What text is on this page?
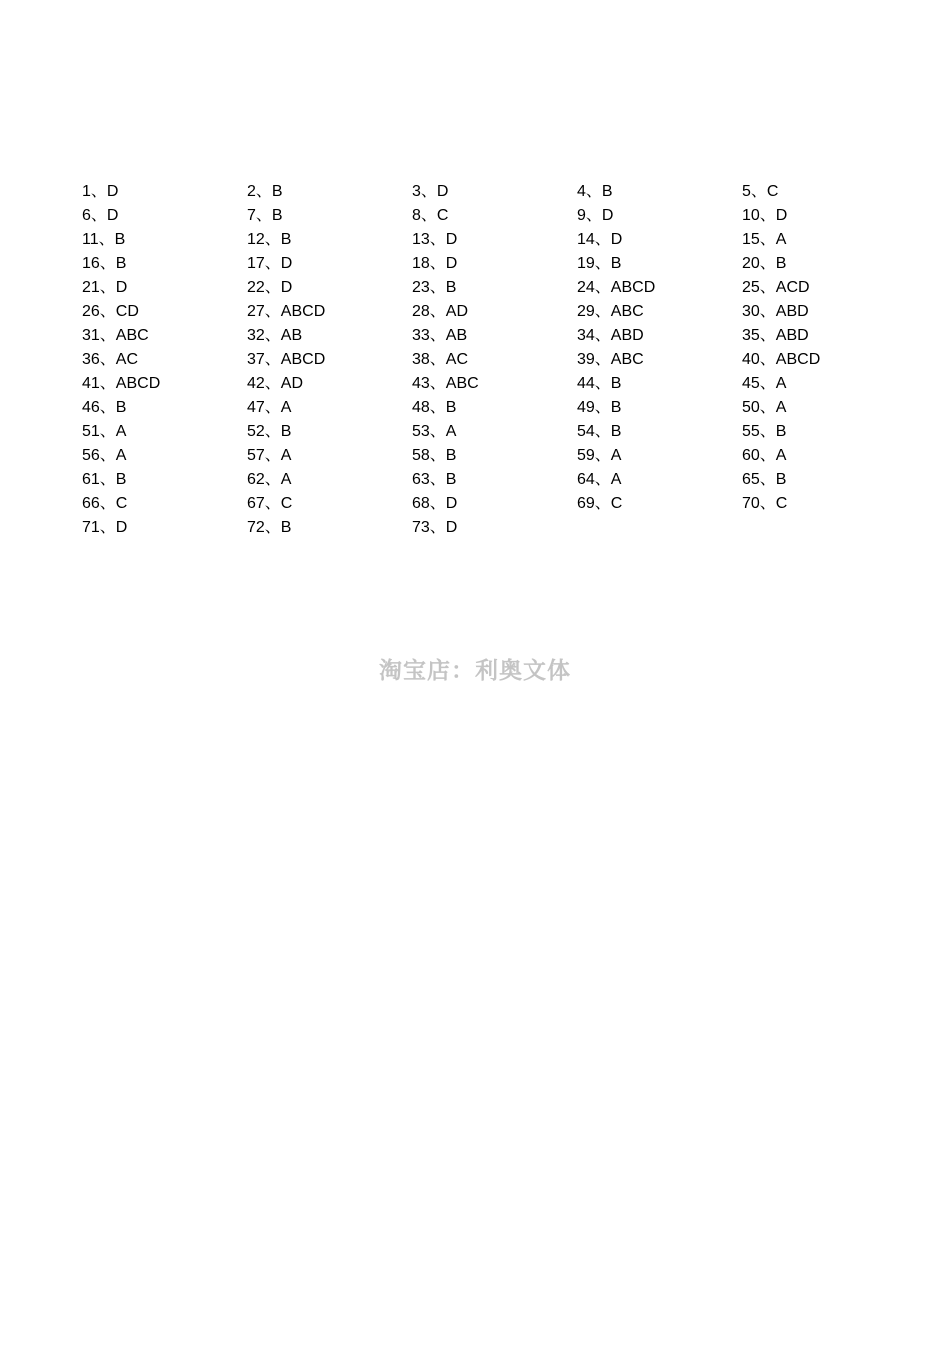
1、D	2、B	3、D	4、B	5、C
6、D	7、B	8、C	9、D	10、D
11、B	12、B	13、D	14、D	15、A
16、B	17、D	18、D	19、B	20、B
21、D	22、D	23、B	24、ABCD	25、ACD
26、CD	27、ABCD	28、AD	29、ABC	30、ABD
31、ABC	32、AB	33、AB	34、ABD	35、ABD
36、AC	37、ABCD	38、AC	39、ABC	40、ABCD
41、ABCD	42、AD	43、ABC	44、B	45、A
46、B	47、A	48、B	49、B	50、A
51、A	52、B	53、A	54、B	55、B
56、A	57、A	58、B	59、A	60、A
61、B	62、A	63、B	64、A	65、B
66、C	67、C	68、D	69、C	70、C
71、D	72、B	73、D
淘宝店：利奥文体
